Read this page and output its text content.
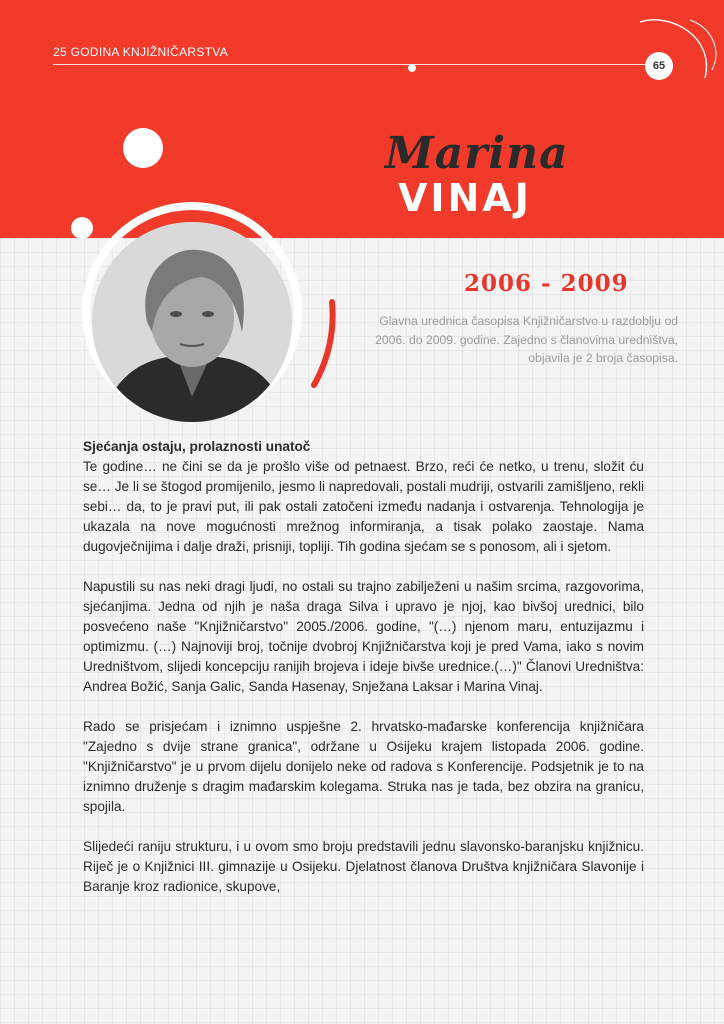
25 GODINA KNJIŽNIČARSTVA

65
Marina
VINAJ
2006 - 2009

Glavna urednica časopisa Knjižničarstvo u razdoblju od 2006. do 2009. godine. Zajedno s članovima uredništva, objavila je 2 broja časopisa.

Sjećanja ostaju, prolaznosti unatoč

Te godine… ne čini se da je prošlo više od petnaest. Brzo, reći će netko, u trenu, složit ću se… Je li se štogod promijenilo, jesmo li napredovali, postali mudriji, ostvarili zamišljeno, rekli sebi… da, to je pravi put, ili pak ostali zatočeni između nadanja i ostvarenja. Tehnologija je ukazala na nove mogućnosti mrežnog informiranja, a tisak polako zaostaje. Nama dugovječnijima i dalje draži, prisniji, topliji. Tih godina sjećam se s ponosom, ali i sjetom.

Napustili su nas neki dragi ljudi, no ostali su trajno zabilježeni u našim srcima, razgovorima, sjećanjima. Jedna od njih je naša draga Silva i upravo je njoj, kao bivšoj urednici, bilo posvećeno naše "Knjižničarstvo" 2005./2006. godine, "(…) njenom maru, entuzijazmu i optimizmu. (…) Najnoviji broj, točnije dvobroj Knjižničarstva koji je pred Vama, iako s novim Uredništvom, slijedi koncepciju ranijih brojeva i ideje bivše urednice.(…)" Članovi Uredništva: Andrea Božić, Sanja Galic, Sanda Hasenay, Snježana Laksar i Marina Vinaj.

Rado se prisjećam i iznimno uspješne 2. hrvatsko-mađarske konferencija knjižničara "Zajedno s dvije strane granica", održane u Osijeku krajem listopada 2006. godine. "Knjižničarstvo" je u prvom dijelu donijelo neke od radova s Konferencije. Podsjetnik je to na iznimno druženje s dragim mađarskim kolegama. Struka nas je tada, bez obzira na granicu, spojila.

Slijedeći raniju strukturu, i u ovom smo broju predstavili jednu slavonsko-baranjsku knjižnicu. Riječ je o Knjižnici III. gimnazije u Osijeku. Djelatnost članova Društva knjižničara Slavonije i Baranje kroz radionice, skupove,
